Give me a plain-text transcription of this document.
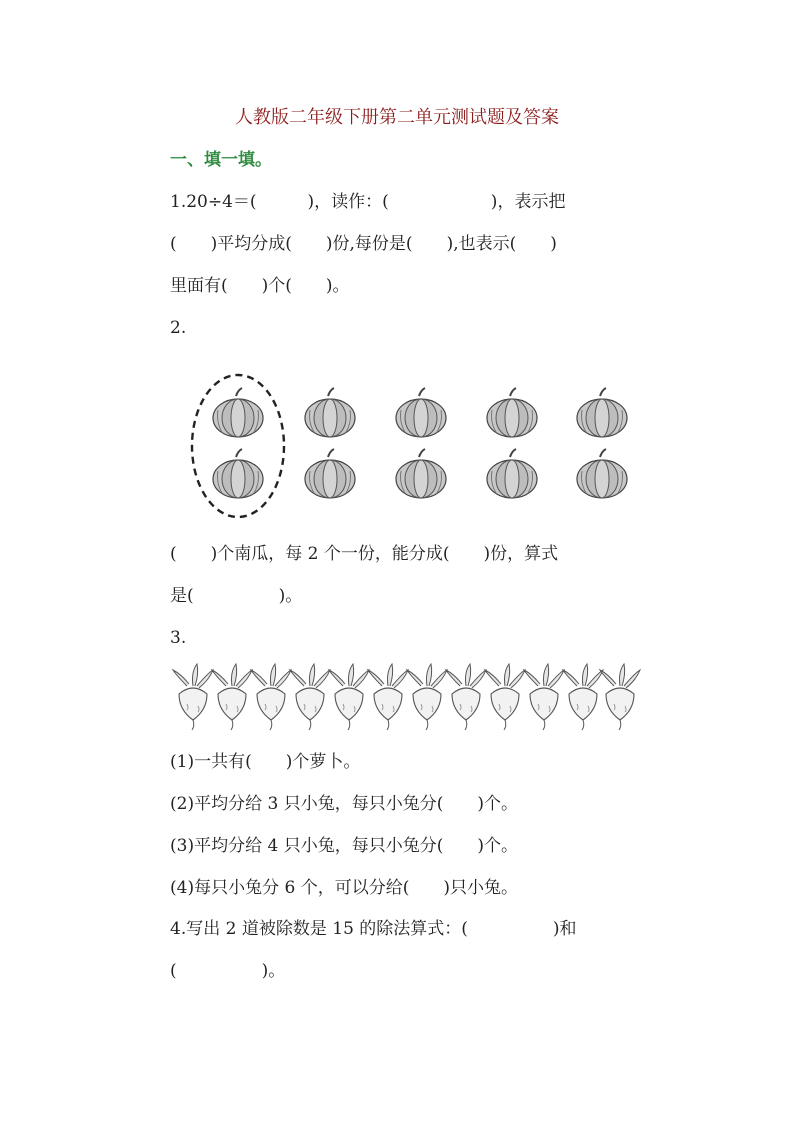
人教版二年级下册第二单元测试题及答案
一、填一填。
1.20÷4＝(　　　)，读作：(　　　　　　)，表示把
(　　)平均分成(　　)份,每份是(　　),也表示(　　)
里面有(　　)个(　　)。
2.
(　　)个南瓜，每 2 个一份，能分成(　　)份，算式
是(　　　　　)。
3.
(1)一共有(　　)个萝卜。
(2)平均分给 3 只小兔，每只小兔分(　　)个。
(3)平均分给 4 只小兔，每只小兔分(　　)个。
(4)每只小兔分 6 个，可以分给(　　)只小兔。
4.写出 2 道被除数是 15 的除法算式：(　　　　　)和
(　　　　　)。
